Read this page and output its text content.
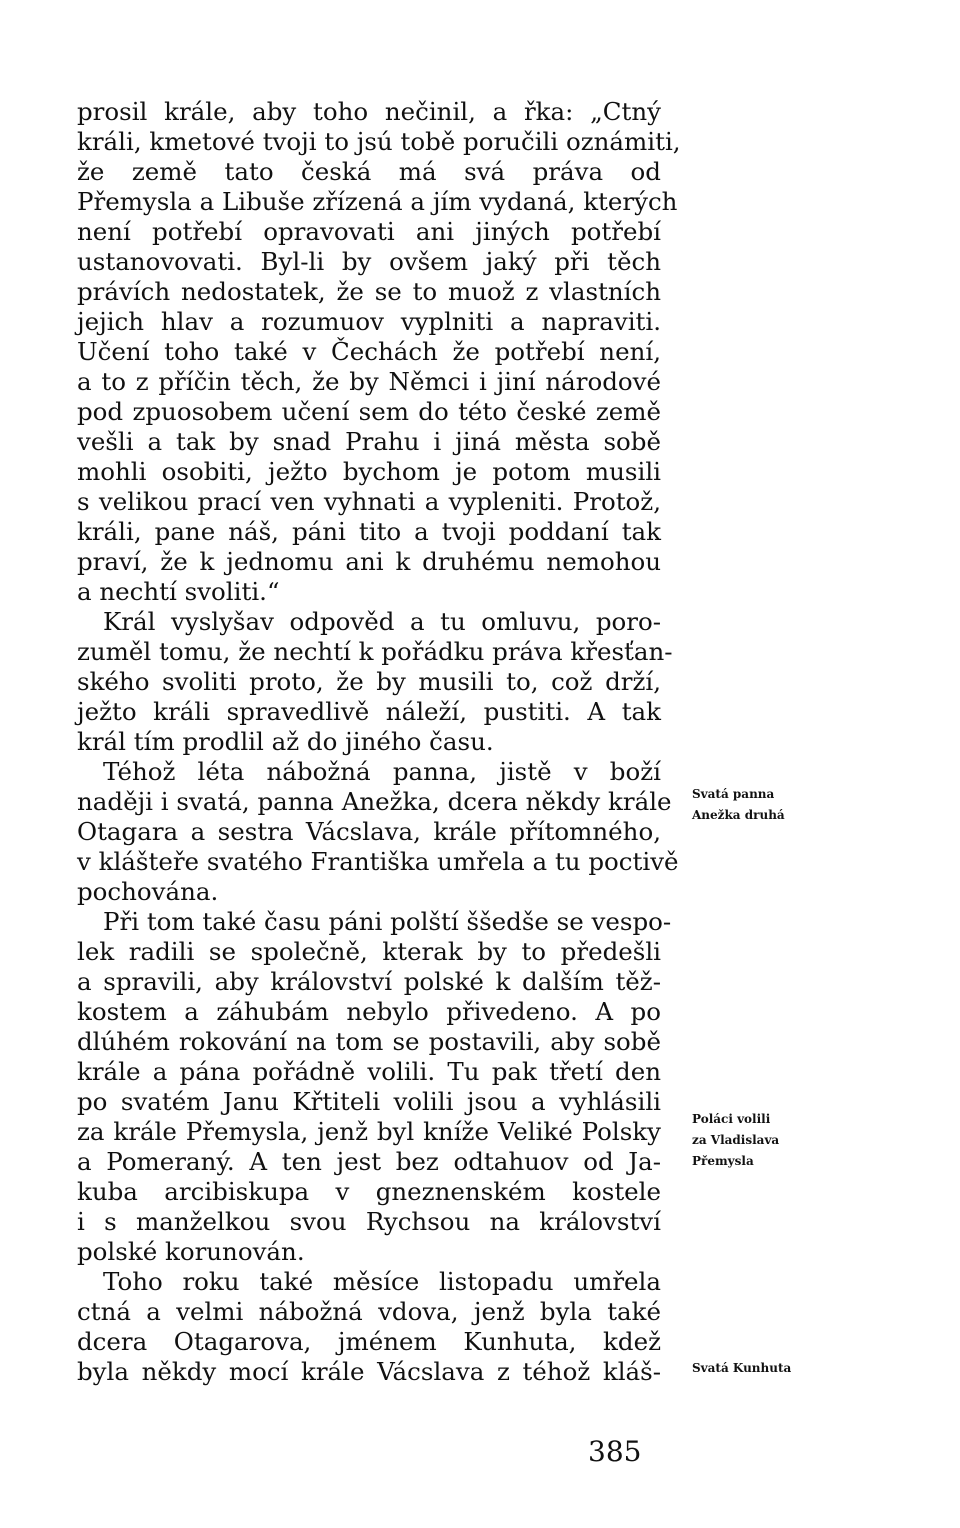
prosil krále, aby toho nečinil, a řka: „Ctný

králi, kmetové tvoji to jsú tobě poručili oznámiti,

že země tato česká má svá práva od

Přemysla a Libuše zřízená a jím vydaná, kterých

není potřebí opravovati ani jiných potřebí

ustanovovati. Byl-li by ovšem jaký při těch

právích nedostatek, že se to muož z vlastních

jejich hlav a rozumuov vyplniti a napraviti.

Učení toho také v Čechách že potřebí není,

a to z příčin těch, že by Němci i jiní národové

pod zpuosobem učení sem do této české země

vešli a tak by snad Prahu i jiná města sobě

mohli osobiti, ježto bychom je potom musili

s velikou prací ven vyhnati a vypleniti. Protož,

králi, pane náš, páni tito a tvoji poddaní tak

praví, že k jednomu ani k druhému nemohou

a nechtí svoliti.“

Král vyslyšav odpověd a tu omluvu, poro-

zuměl tomu, že nechtí k pořádku práva křesťan-

ského svoliti proto, že by musili to, což drží,

ježto králi spravedlivě náleží, pustiti. A tak

král tím prodlil až do jiného času.

Téhož léta nábožná panna, jistě v boží

naději i svatá, panna Anežka, dcera někdy krále

Otagara a sestra Vácslava, krále přítomného,

v klášteře svatého Františka umřela a tu poctivě

pochována.

Při tom také času páni polští ššedše se vespo-

lek radili se společně, kterak by to předešli

a spravili, aby království polské k dalším těž-

kostem a záhubám nebylo přivedeno. A po

dlúhém rokování na tom se postavili, aby sobě

krále a pána pořádně volili. Tu pak třetí den

po svatém Janu Křtiteli volili jsou a vyhlásili

za krále Přemysla, jenž byl kníže Veliké Polsky

a Pomeraný. A ten jest bez odtahuov od Ja-

kuba arcibiskupa v gneznenském kostele

i s manželkou svou Rychsou na království

polské korunován.

Toho roku také měsíce listopadu umřela

ctná a velmi nábožná vdova, jenž byla také

dcera Otagarova, jménem Kunhuta, kdež

byla někdy mocí krále Vácslava z téhož kláš-

Svatá panna
Anežka druhá
Poláci volili
za Vladislava
Přemysla
Svatá Kunhuta
385
